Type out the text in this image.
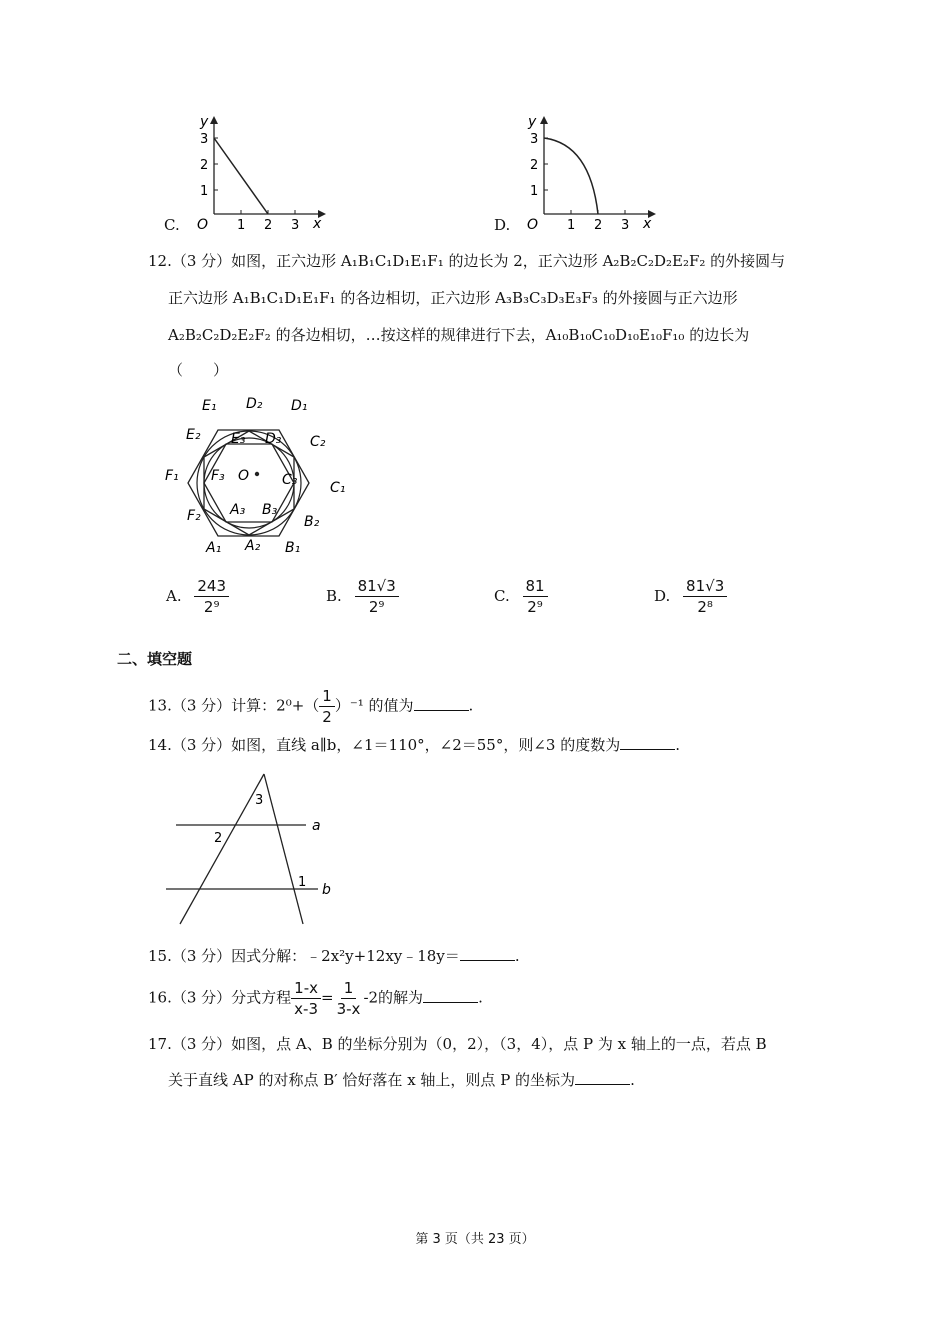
C.
y
3
2
1
O 1 2 3 x	D.
y
3
2
1
O 1 2 3 x
12.（3 分）如图，正六边形 A₁B₁C₁D₁E₁F₁ 的边长为 2，正六边形 A₂B₂C₂D₂E₂F₂ 的外接圆与
正六边形 A₁B₁C₁D₁E₁F₁ 的各边相切，正六边形 A₃B₃C₃D₃E₃F₃ 的外接圆与正六边形
A₂B₂C₂D₂E₂F₂ 的各边相切，…按这样的规律进行下去，A₁₀B₁₀C₁₀D₁₀E₁₀F₁₀ 的边长为
（　　）
E₁ D₂ D₁
E₂ E₃ D₃ C₂
F₁ F₃ O C₃ C₁
F₂ A₃ B₃
B₂
A₁ A₂ B₁
A. $\frac{243}{\text{2⁹}}$	B. $\frac{81√3}{\text{2⁹}}$	C. $\frac{81}{\text{2⁹}}$	D. $\frac{81√3}{\text{2⁸}}$
二、填空题
13.（3 分）计算：$2^0+( \frac{1}{2} )^{-1}$ 的值为	.
14.（3 分）如图，直线 a∥b，∠1＝110°，∠2＝55°，则∠3 的度数为	.
3
2
a
1 b
15.（3 分）因式分解：﹣2x²y+12xy﹣18y＝	.
16.（3 分）分式方程 $\frac{1-x}{x-3} = \frac{1}{3-x} -2$的解为	.
17.（3 分）如图，点 A、B 的坐标分别为（0，2），（3，4），点 P 为 x 轴上的一点，若点 B
关于直线 AP 的对称点 B′ 恰好落在 x 轴上，则点 P 的坐标为	.
第 3 页（共 23 页）
